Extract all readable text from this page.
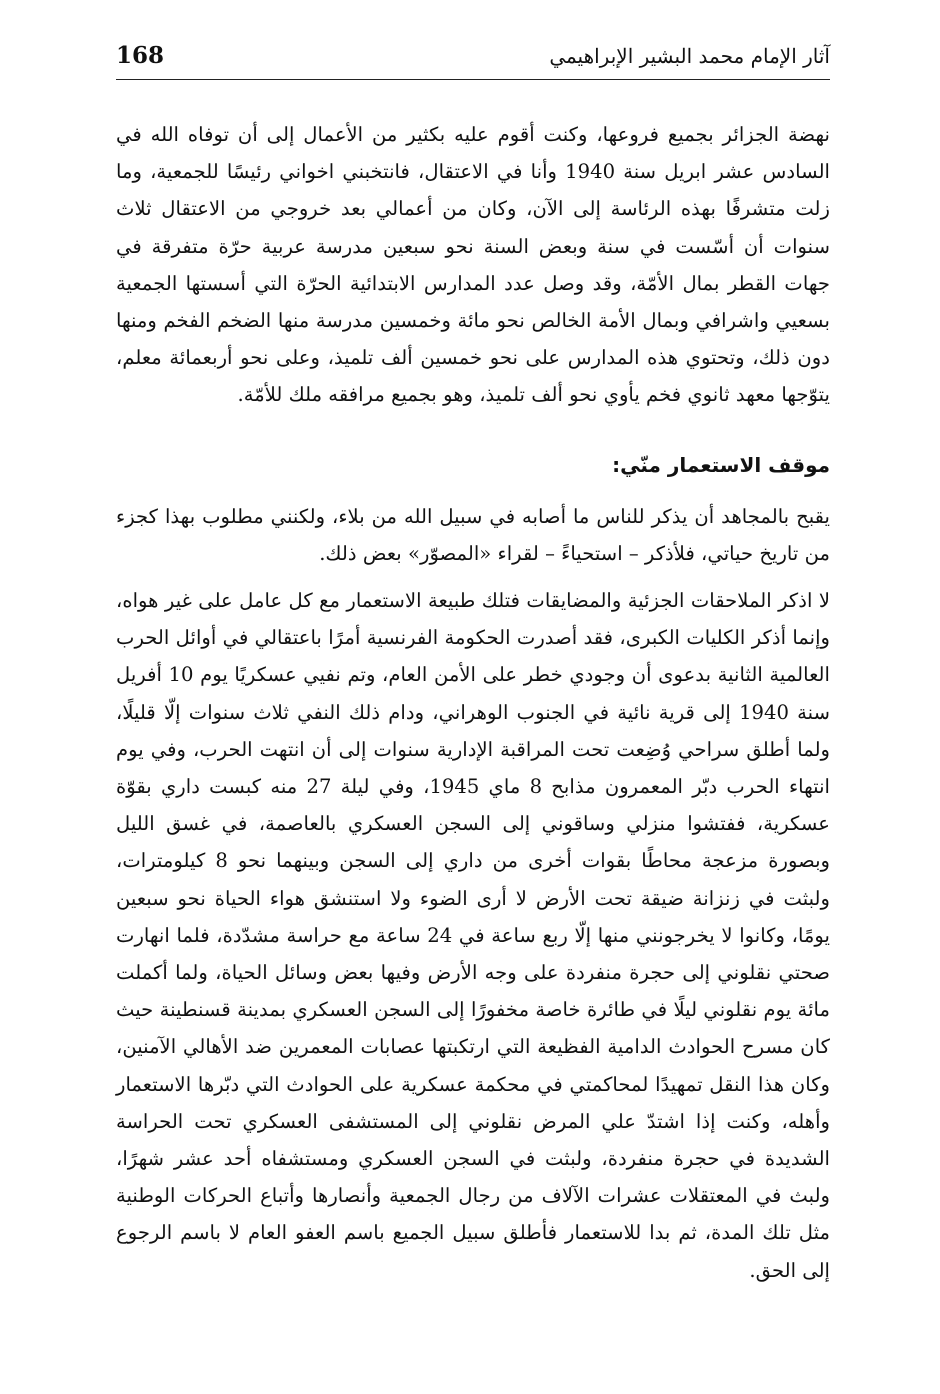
168	آثار الإمام محمد البشير الإبراهيمي

نهضة الجزائر بجميع فروعها، وكنت أقوم عليه بكثير من الأعمال إلى أن توفاه الله في السادس عشر ابريل سنة 1940 وأنا في الاعتقال، فانتخبني اخواني رئيسًا للجمعية، وما زلت متشرفًا بهذه الرئاسة إلى الآن، وكان من أعمالي بعد خروجي من الاعتقال ثلاث سنوات أن أسّست في سنة وبعض السنة نحو سبعين مدرسة عربية حرّة متفرقة في جهات القطر بمال الأمّة، وقد وصل عدد المدارس الابتدائية الحرّة التي أسستها الجمعية بسعيي واشرافي وبمال الأمة الخالص نحو مائة وخمسين مدرسة منها الضخم الفخم ومنها دون ذلك، وتحتوي هذه المدارس على نحو خمسين ألف تلميذ، وعلى نحو أربعمائة معلم، يتوّجها معهد ثانوي فخم يأوي نحو ألف تلميذ، وهو بجميع مرافقه ملك للأمّة.

موقف الاستعمار منّي:

يقبح بالمجاهد أن يذكر للناس ما أصابه في سبيل الله من بلاء، ولكنني مطلوب بهذا كجزء من تاريخ حياتي، فلأذكر – استحياءً – لقراء «المصوّر» بعض ذلك.

لا اذكر الملاحقات الجزئية والمضايقات فتلك طبيعة الاستعمار مع كل عامل على غير هواه، وإنما أذكر الكليات الكبرى، فقد أصدرت الحكومة الفرنسية أمرًا باعتقالي في أوائل الحرب العالمية الثانية بدعوى أن وجودي خطر على الأمن العام، وتم نفيي عسكريًا يوم 10 أفريل سنة 1940 إلى قرية نائية في الجنوب الوهراني، ودام ذلك النفي ثلاث سنوات إلّا قليلًا، ولما أطلق سراحي وُضِعت تحت المراقبة الإدارية سنوات إلى أن انتهت الحرب، وفي يوم انتهاء الحرب دبّر المعمرون مذابح 8 ماي 1945، وفي ليلة 27 منه كبست داري بقوّة عسكرية، ففتشوا منزلي وساقوني إلى السجن العسكري بالعاصمة، في غسق الليل وبصورة مزعجة محاطًا بقوات أخرى من داري إلى السجن وبينهما نحو 8 كيلومترات، ولبثت في زنزانة ضيقة تحت الأرض لا أرى الضوء ولا استنشق هواء الحياة نحو سبعين يومًا، وكانوا لا يخرجونني منها إلّا ربع ساعة في 24 ساعة مع حراسة مشدّدة، فلما انهارت صحتي نقلوني إلى حجرة منفردة على وجه الأرض وفيها بعض وسائل الحياة، ولما أكملت مائة يوم نقلوني ليلًا في طائرة خاصة مخفورًا إلى السجن العسكري بمدينة قسنطينة حيث كان مسرح الحوادث الدامية الفظيعة التي ارتكبتها عصابات المعمرين ضد الأهالي الآمنين، وكان هذا النقل تمهيدًا لمحاكمتي في محكمة عسكرية على الحوادث التي دبّرها الاستعمار وأهله، وكنت إذا اشتدّ علي المرض نقلوني إلى المستشفى العسكري تحت الحراسة الشديدة في حجرة منفردة، ولبثت في السجن العسكري ومستشفاه أحد عشر شهرًا، ولبث في المعتقلات عشرات الآلاف من رجال الجمعية وأنصارها وأتباع الحركات الوطنية مثل تلك المدة، ثم بدا للاستعمار فأطلق سبيل الجميع باسم العفو العام لا باسم الرجوع إلى الحق.
